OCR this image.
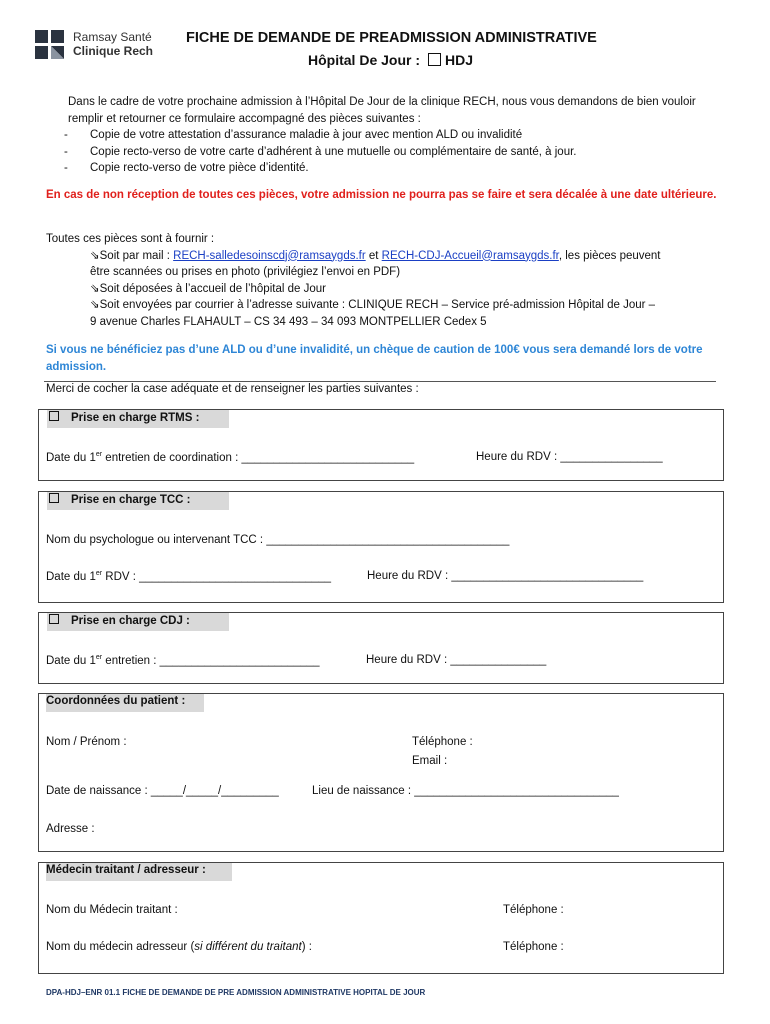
Ramsay Santé
Clinique Rech
FICHE DE DEMANDE DE PREADMISSION ADMINISTRATIVE
Hôpital De Jour : HDJ
Dans le cadre de votre prochaine admission à l’Hôpital De Jour de la clinique RECH, nous vous demandons de bien vouloir remplir et retourner ce formulaire accompagné des pièces suivantes :
- Copie de votre attestation d’assurance maladie à jour avec mention ALD ou invalidité
- Copie recto-verso de votre carte d’adhérent à une mutuelle ou complémentaire de santé, à jour.
- Copie recto-verso de votre pièce d’identité.
En cas de non réception de toutes ces pièces, votre admission ne pourra pas se faire et sera décalée à une date ultérieure.
Toutes ces pièces sont à fournir :
⇘Soit par mail : RECH-salledesoinscdj@ramsaygds.fr et RECH-CDJ-Accueil@ramsaygds.fr, les pièces peuvent
être scannées ou prises en photo (privilégiez l’envoi en PDF)
⇘Soit déposées à l’accueil de l’hôpital de Jour
⇘Soit envoyées par courrier à l’adresse suivante : CLINIQUE RECH – Service pré-admission Hôpital de Jour –
9 avenue Charles FLAHAULT – CS 34 493 – 34 093 MONTPELLIER Cedex 5
Si vous ne bénéficiez pas d’une ALD ou d’une invalidité, un chèque de caution de 100€ vous sera demandé lors de votre admission.
Merci de cocher la case adéquate et de renseigner les parties suivantes :
Prise en charge RTMS :
Date du 1er entretien de coordination : ___________________________	Heure du RDV : ________________
Prise en charge TCC :
Nom du psychologue ou intervenant TCC : ______________________________________
Date du 1er RDV : ______________________________	Heure du RDV : ______________________________
Prise en charge CDJ :
Date du 1er entretien : _________________________	Heure du RDV : _______________
Coordonnées du patient :
Nom / Prénom :	Téléphone :
Email :
Date de naissance : _____/_____/_________	Lieu de naissance : ________________________________
Adresse :
Médecin traitant / adresseur :
Nom du Médecin traitant :	Téléphone :
Nom du médecin adresseur (si différent du traitant) :	Téléphone :
DPA-HDJ–ENR 01.1 FICHE DE DEMANDE DE PRE ADMISSION ADMINISTRATIVE HOPITAL DE JOUR
